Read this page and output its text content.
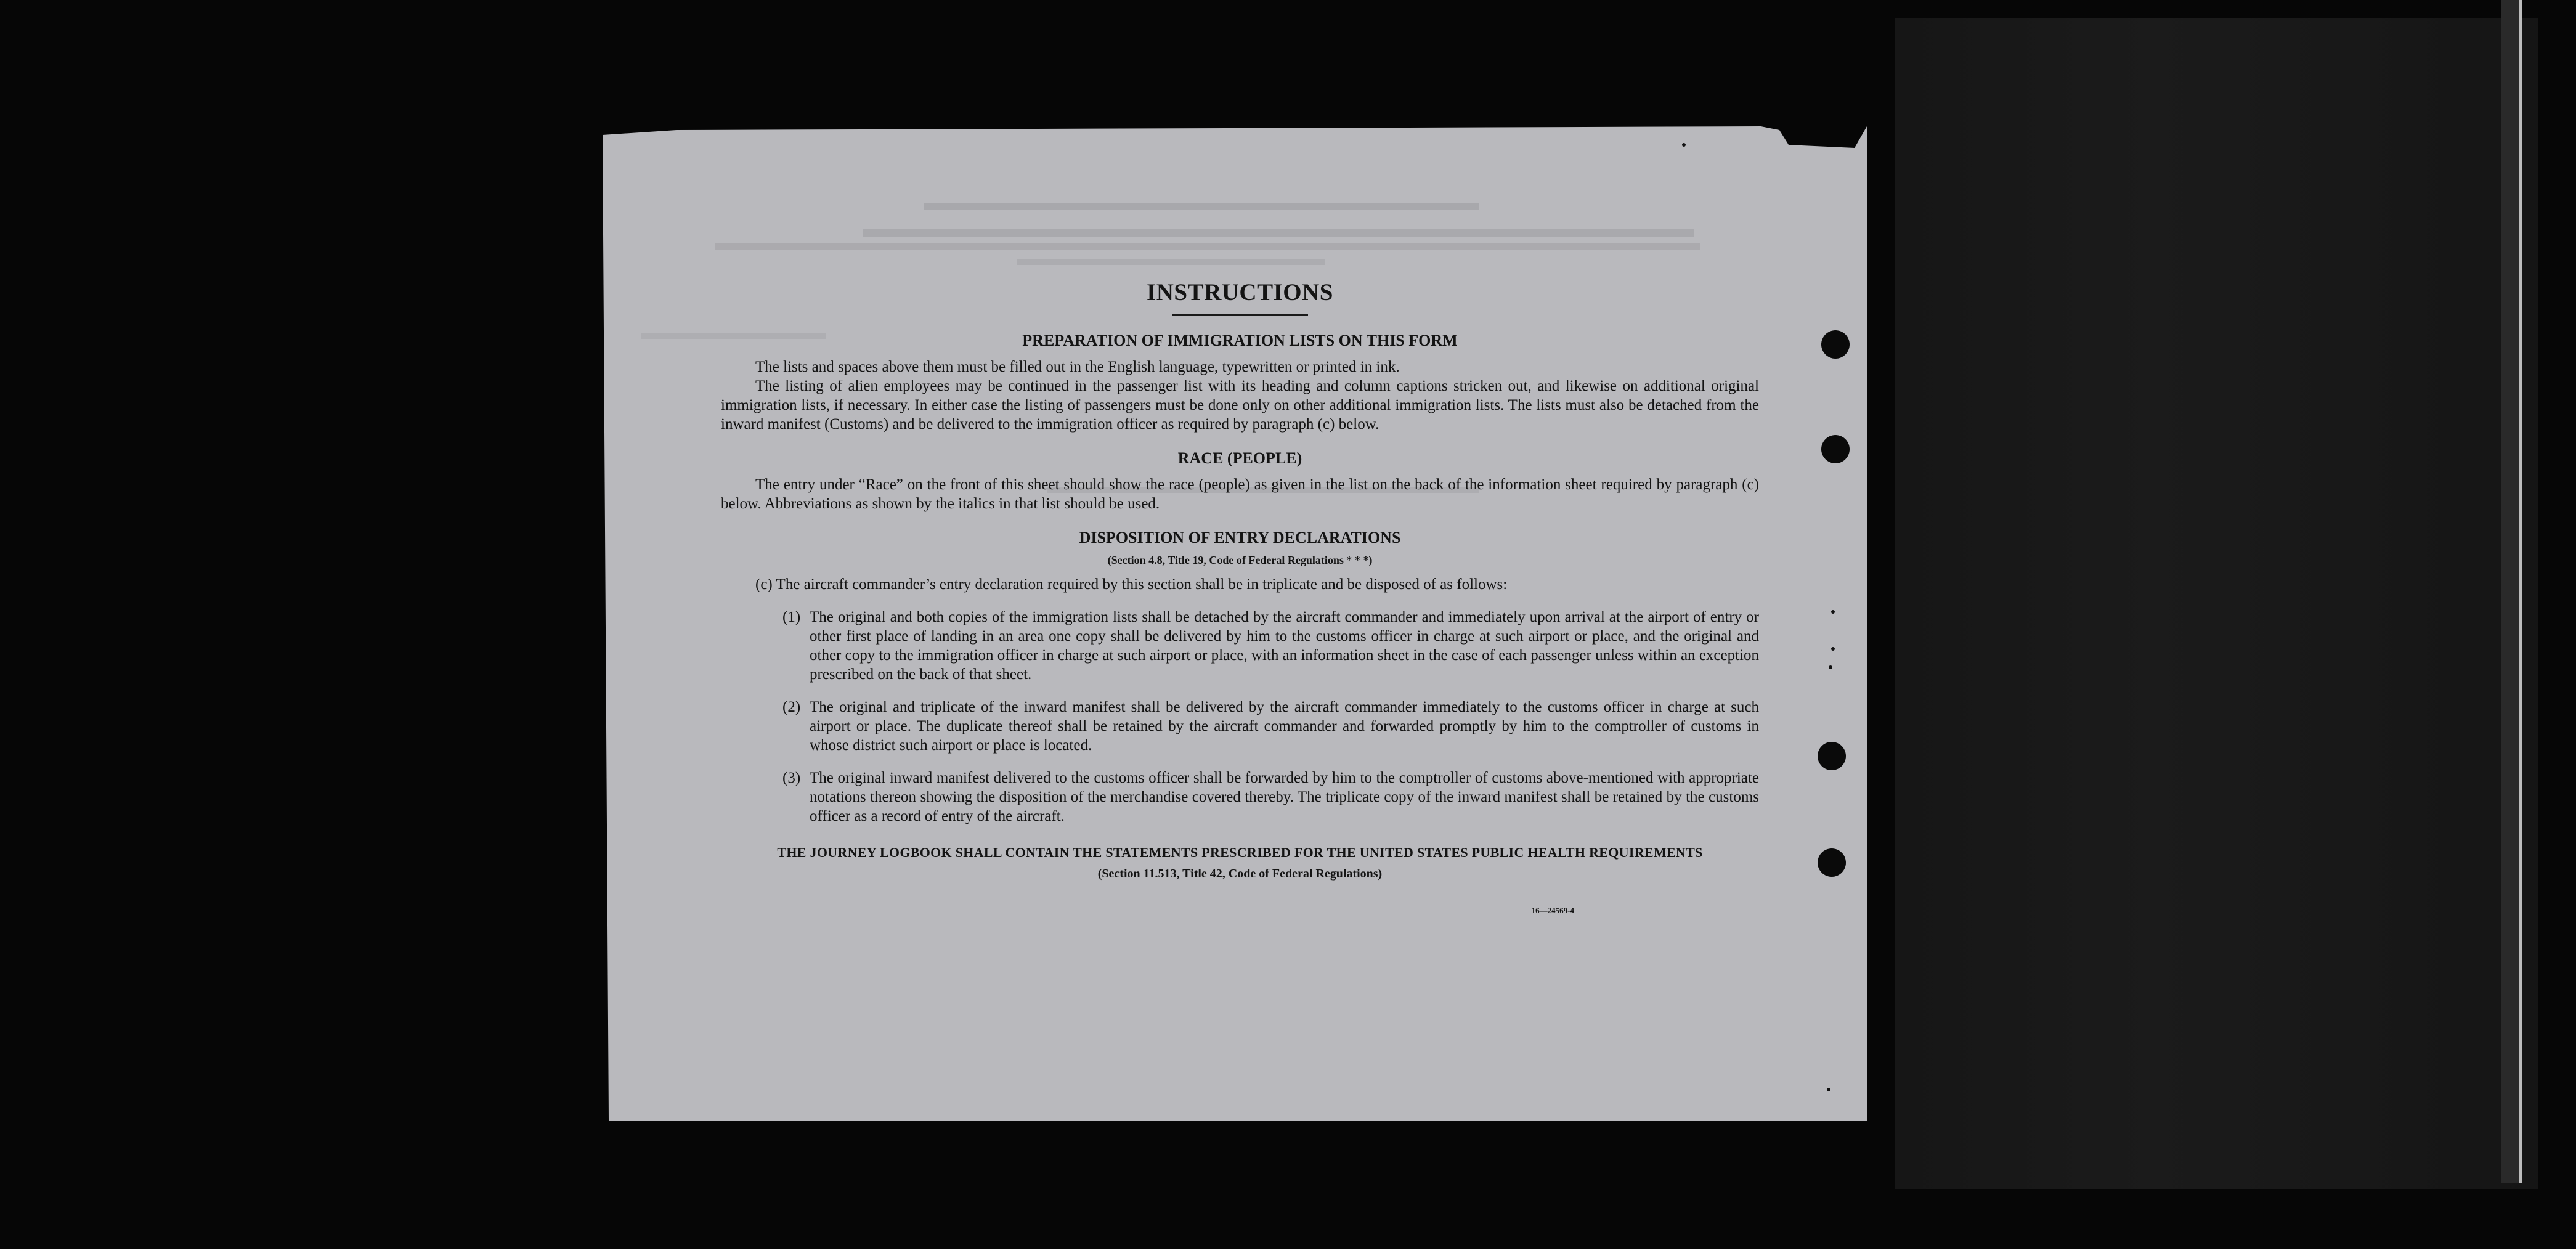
INSTRUCTIONS
PREPARATION OF IMMIGRATION LISTS ON THIS FORM

The lists and spaces above them must be filled out in the English language, typewritten or printed in ink.

The listing of alien employees may be continued in the passenger list with its heading and column captions stricken out, and likewise on additional original immigration lists, if necessary. In either case the listing of passengers must be done only on other additional immigration lists. The lists must also be detached from the inward manifest (Customs) and be delivered to the immigration officer as required by paragraph (c) below.

RACE (PEOPLE)

The entry under “Race” on the front of this sheet should show the race (people) as given in the list on the back of the information sheet required by paragraph (c) below. Abbreviations as shown by the italics in that list should be used.

DISPOSITION OF ENTRY DECLARATIONS
(Section 4.8, Title 19, Code of Federal Regulations * * *)

(c) The aircraft commander’s entry declaration required by this section shall be in triplicate and be disposed of as follows:

(1) The original and both copies of the immigration lists shall be detached by the aircraft commander and immediately upon arrival at the airport of entry or other first place of landing in an area one copy shall be delivered by him to the customs officer in charge at such airport or place, and the original and other copy to the immigration officer in charge at such airport or place, with an information sheet in the case of each passenger unless within an exception prescribed on the back of that sheet.
(2) The original and triplicate of the inward manifest shall be delivered by the aircraft commander immediately to the customs officer in charge at such airport or place. The duplicate thereof shall be retained by the aircraft commander and forwarded promptly by him to the comptroller of customs in whose district such airport or place is located.
(3) The original inward manifest delivered to the customs officer shall be forwarded by him to the comptroller of customs above-mentioned with appropriate notations thereon showing the disposition of the merchandise covered thereby. The triplicate copy of the inward manifest shall be retained by the customs officer as a record of entry of the aircraft.
THE JOURNEY LOGBOOK SHALL CONTAIN THE STATEMENTS PRESCRIBED FOR THE UNITED STATES PUBLIC HEALTH REQUIREMENTS
(Section 11.513, Title 42, Code of Federal Regulations)
16—24569-4
